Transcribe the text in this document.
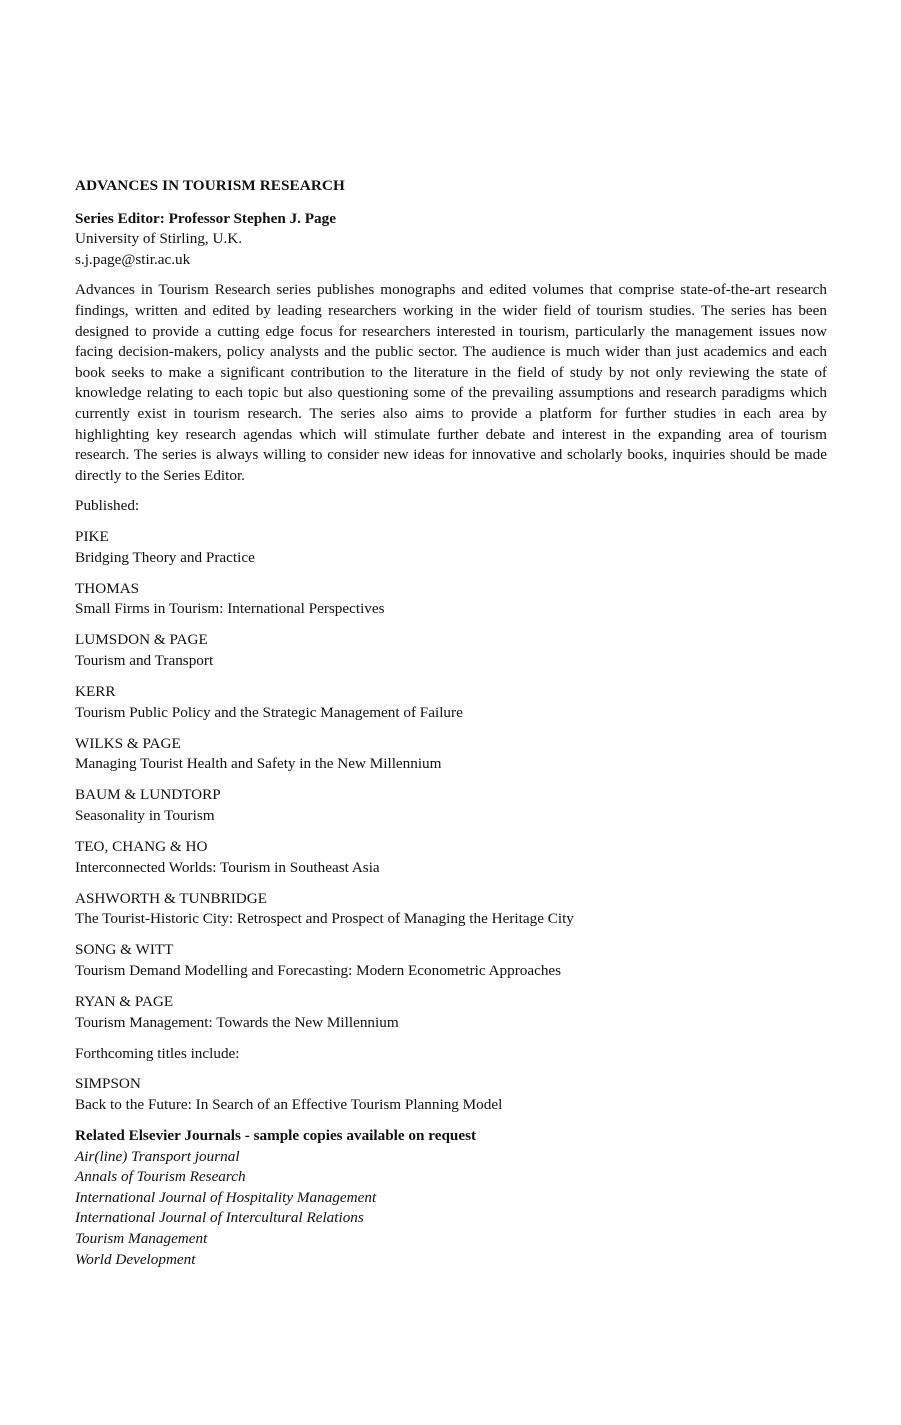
ADVANCES IN TOURISM RESEARCH
Series Editor: Professor Stephen J. Page
University of Stirling, U.K.
s.j.page@stir.ac.uk

Advances in Tourism Research series publishes monographs and edited volumes that comprise state-of-the-art research findings, written and edited by leading researchers working in the wider field of tourism studies. The series has been designed to provide a cutting edge focus for researchers interested in tourism, particularly the management issues now facing decision-makers, policy analysts and the public sector. The audience is much wider than just academics and each book seeks to make a significant contribution to the literature in the field of study by not only reviewing the state of knowledge relating to each topic but also questioning some of the prevailing assumptions and research paradigms which currently exist in tourism research. The series also aims to provide a platform for further studies in each area by highlighting key research agendas which will stimulate further debate and interest in the expanding area of tourism research. The series is always willing to consider new ideas for innovative and scholarly books, inquiries should be made directly to the Series Editor.

Published:
PIKE
Bridging Theory and Practice
THOMAS
Small Firms in Tourism: International Perspectives
LUMSDON & PAGE
Tourism and Transport
KERR
Tourism Public Policy and the Strategic Management of Failure
WILKS & PAGE
Managing Tourist Health and Safety in the New Millennium
BAUM & LUNDTORP
Seasonality in Tourism
TEO, CHANG & HO
Interconnected Worlds: Tourism in Southeast Asia
ASHWORTH & TUNBRIDGE
The Tourist-Historic City: Retrospect and Prospect of Managing the Heritage City
SONG & WITT
Tourism Demand Modelling and Forecasting: Modern Econometric Approaches
RYAN & PAGE
Tourism Management: Towards the New Millennium
Forthcoming titles include:
SIMPSON
Back to the Future: In Search of an Effective Tourism Planning Model
Related Elsevier Journals - sample copies available on request
Air(line) Transport journal
Annals of Tourism Research
International Journal of Hospitality Management
International Journal of Intercultural Relations
Tourism Management
World Development
